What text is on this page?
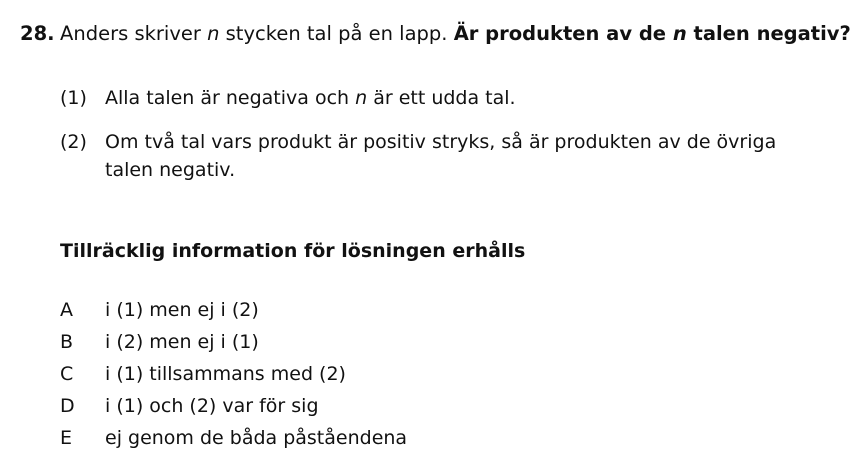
28. Anders skriver n stycken tal på en lapp. Är produkten av de n talen negativ?
(1) Alla talen är negativa och n är ett udda tal.
(2) Om två tal vars produkt är positiv stryks, så är produkten av de övriga talen negativ.
Tillräcklig information för lösningen erhålls
A	i (1) men ej i (2)
B	i (2) men ej i (1)
C	i (1) tillsammans med (2)
D	i (1) och (2) var för sig
E	ej genom de båda påståendena
